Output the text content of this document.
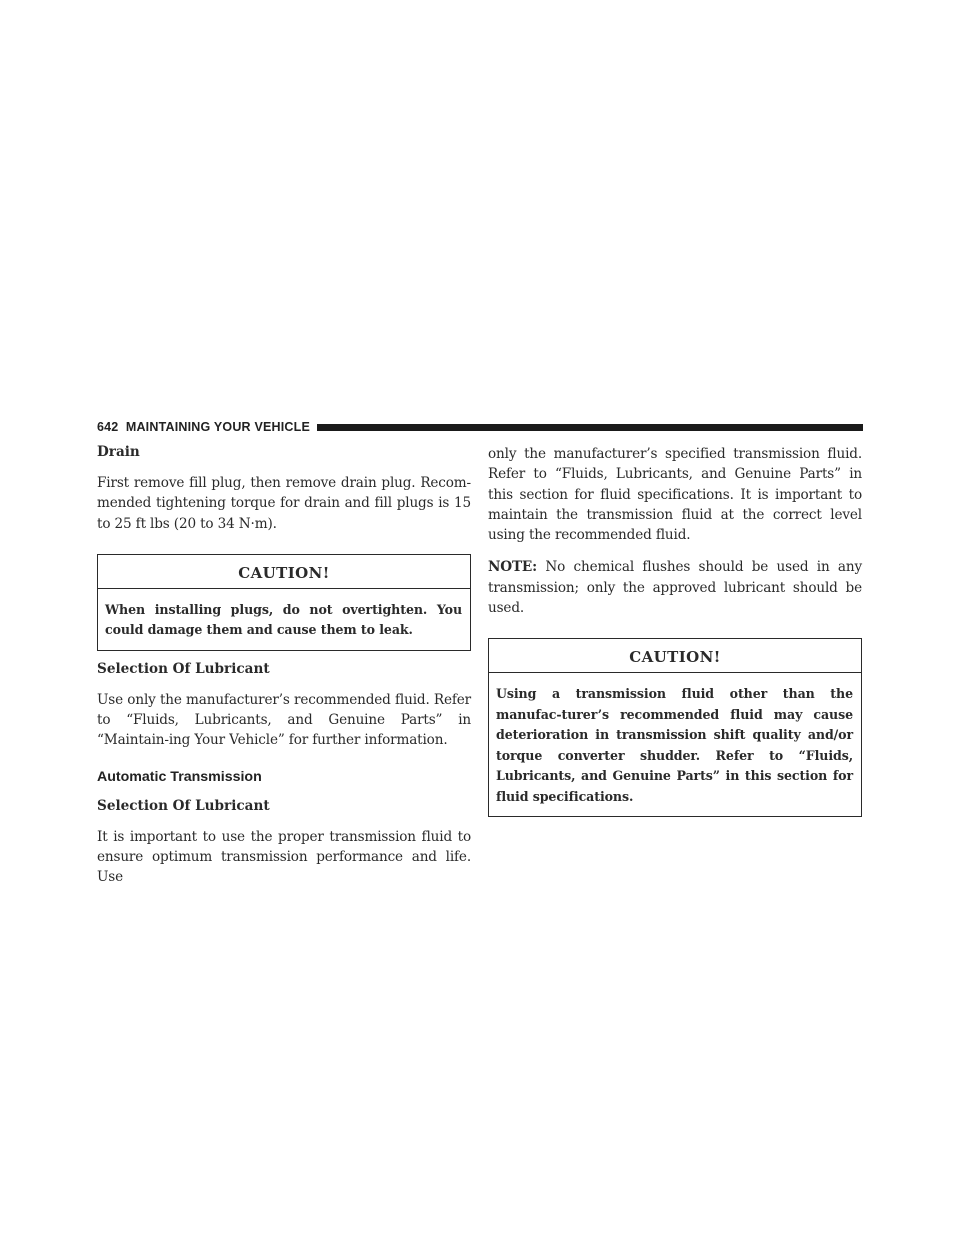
642 MAINTAINING YOUR VEHICLE
Drain
First remove fill plug, then remove drain plug. Recom-mended tightening torque for drain and fill plugs is 15 to 25 ft lbs (20 to 34 N·m).
CAUTION!
When installing plugs, do not overtighten. You could damage them and cause them to leak.
Selection Of Lubricant
Use only the manufacturer’s recommended fluid. Refer to “Fluids, Lubricants, and Genuine Parts” in “Maintain-ing Your Vehicle” for further information.
Automatic Transmission
Selection Of Lubricant
It is important to use the proper transmission fluid to ensure optimum transmission performance and life. Use
only the manufacturer’s specified transmission fluid. Refer to “Fluids, Lubricants, and Genuine Parts” in this section for fluid specifications. It is important to maintain the transmission fluid at the correct level using the recommended fluid.
NOTE: No chemical flushes should be used in any transmission; only the approved lubricant should be used.
CAUTION!
Using a transmission fluid other than the manufac-turer’s recommended fluid may cause deterioration in transmission shift quality and/or torque converter shudder. Refer to “Fluids, Lubricants, and Genuine Parts” in this section for fluid specifications.
